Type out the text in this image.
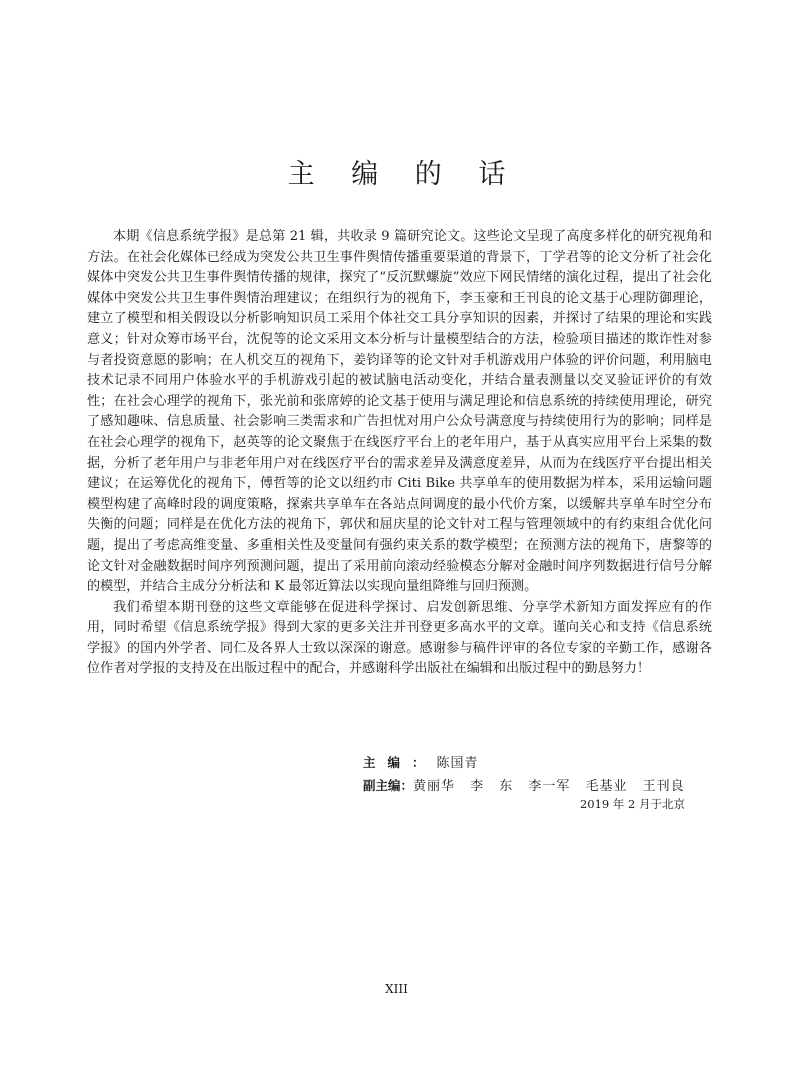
主 编 的 话

本期《信息系统学报》是总第 21 辑，共收录 9 篇研究论文。这些论文呈现了高度多样化的研究视角和方法。在社会化媒体已经成为突发公共卫生事件舆情传播重要渠道的背景下，丁学君等的论文分析了社会化媒体中突发公共卫生事件舆情传播的规律，探究了“反沉默螺旋”效应下网民情绪的演化过程，提出了社会化媒体中突发公共卫生事件舆情治理建议；在组织行为的视角下，李玉豪和王刊良的论文基于心理防御理论，建立了模型和相关假设以分析影响知识员工采用个体社交工具分享知识的因素，并探讨了结果的理论和实践意义；针对众筹市场平台，沈倪等的论文采用文本分析与计量模型结合的方法，检验项目描述的欺诈性对参与者投资意愿的影响；在人机交互的视角下，姜钧译等的论文针对手机游戏用户体验的评价问题，利用脑电技术记录不同用户体验水平的手机游戏引起的被试脑电活动变化，并结合量表测量以交叉验证评价的有效性；在社会心理学的视角下，张光前和张席婷的论文基于使用与满足理论和信息系统的持续使用理论，研究了感知趣味、信息质量、社会影响三类需求和广告担忧对用户公众号满意度与持续使用行为的影响；同样是在社会心理学的视角下，赵英等的论文聚焦于在线医疗平台上的老年用户，基于从真实应用平台上采集的数据，分析了老年用户与非老年用户对在线医疗平台的需求差异及满意度差异，从而为在线医疗平台提出相关建议；在运筹优化的视角下，傅哲等的论文以纽约市 Citi Bike 共享单车的使用数据为样本，采用运输问题模型构建了高峰时段的调度策略，探索共享单车在各站点间调度的最小代价方案，以缓解共享单车时空分布失衡的问题；同样是在优化方法的视角下，郭伏和屈庆星的论文针对工程与管理领域中的有约束组合优化问题，提出了考虑高维变量、多重相关性及变量间有强约束关系的数学模型；在预测方法的视角下，唐黎等的论文针对金融数据时间序列预测问题，提出了采用前向滚动经验模态分解对金融时间序列数据进行信号分解的模型，并结合主成分分析法和 K 最邻近算法以实现向量组降维与回归预测。

我们希望本期刊登的这些文章能够在促进科学探讨、启发创新思维、分享学术新知方面发挥应有的作用，同时希望《信息系统学报》得到大家的更多关注并刊登更多高水平的文章。谨向关心和支持《信息系统学报》的国内外学者、同仁及各界人士致以深深的谢意。感谢参与稿件评审的各位专家的辛勤工作，感谢各位作者对学报的支持及在出版过程中的配合，并感谢科学出版社在编辑和出版过程中的勤恳努力！

主编：陈国青
副主编：黄丽华 李 东 李一军 毛基业 王刊良
2019 年 2 月于北京
XIII
